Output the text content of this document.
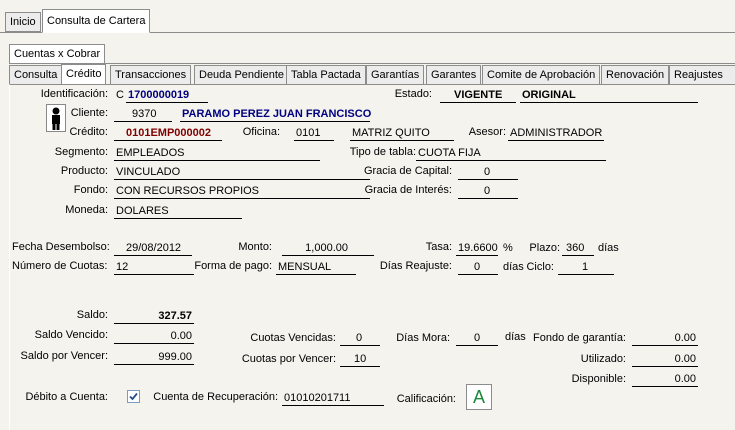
Inicio	Consulta de Cartera
Cuentas x Cobrar
Consulta Crédito	Transacciones	Deuda Pendiente Tabla Pactada Garantías	Garantes Comite de Aprobación Renovación Reajustes
Identificación: C 1700000019	Estado:	VIGENTE	ORIGINAL
Cliente:	9370	PARAMO PEREZ JUAN FRANCISCO
Crédito:	0101EMP000002	Oficina: 0101	MATRIZ QUITO	Asesor: ADMINISTRADOR
Segmento: EMPLEADOS	Tipo de tabla: CUOTA FIJA
Producto: VINCULADO	Gracia de Capital:	0
Fondo: CON RECURSOS PROPIOS	Gracia de Interés:	0
Moneda: DOLARES
Fecha Desembolso:	29/08/2012	Monto:	1,000.00	Tasa: 19.6600 %	Plazo: 360	días
Número de Cuotas: 12	Forma de pago: MENSUAL	Días Reajuste:	0	días Ciclo:	1
Saldo:	327.57
Saldo Vencido:	0.00	Cuotas Vencidas:	0	Días Mora:	0	días Fondo de garantía:	0.00
Saldo por Vencer:	999.00	Cuotas por Vencer:	10	Utilizado:	0.00
Disponible:	0.00
Débito a Cuenta:	Cuenta de Recuperación: 01010201711	Calificación: A
